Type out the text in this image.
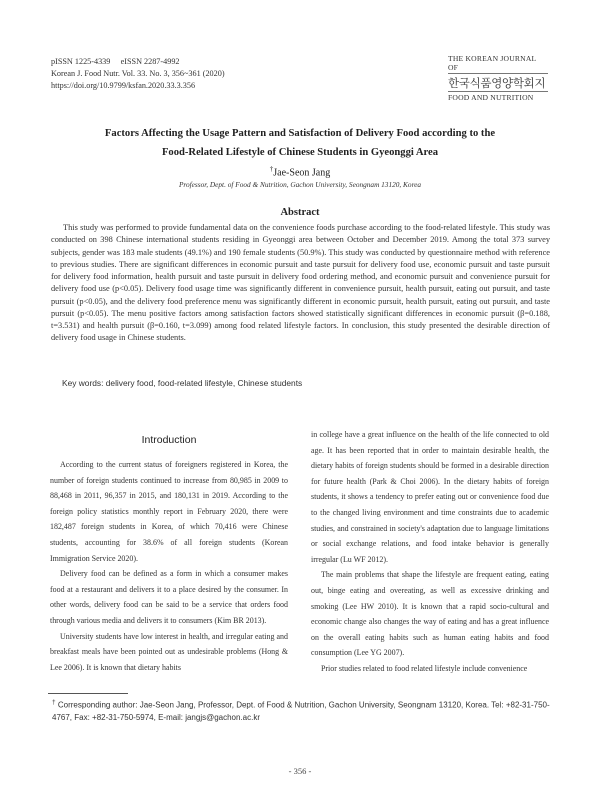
pISSN 1225-4339     eISSN 2287-4992
Korean J. Food Nutr. Vol. 33. No. 3, 356~361 (2020)
https://doi.org/10.9799/ksfan.2020.33.3.356
THE KOREAN JOURNAL OF
한국식품영양학회지
FOOD AND NUTRITION
Factors Affecting the Usage Pattern and Satisfaction of Delivery Food according to the
Food-Related Lifestyle of Chinese Students in Gyeonggi Area
†Jae-Seon Jang
Professor, Dept. of Food & Nutrition, Gachon University, Seongnam 13120, Korea
Abstract
This study was performed to provide fundamental data on the convenience foods purchase according to the food-related lifestyle. This study was conducted on 398 Chinese international students residing in Gyeonggi area between October and December 2019. Among the total 373 survey subjects, gender was 183 male students (49.1%) and 190 female students (50.9%). This study was conducted by questionnaire method with reference to previous studies. There are significant differences in economic pursuit and taste pursuit for delivery food use, economic pursuit and taste pursuit for delivery food information, health pursuit and taste pursuit in delivery food ordering method, and economic pursuit and convenience pursuit for delivery food use (p<0.05). Delivery food usage time was significantly different in convenience pursuit, health pursuit, eating out pursuit, and taste pursuit (p<0.05), and the delivery food preference menu was significantly different in economic pursuit, health pursuit, eating out pursuit, and taste pursuit (p<0.05). The menu positive factors among satisfaction factors showed statistically significant differences in economic pursuit (β=0.188, t=3.531) and health pursuit (β=0.160, t=3.099) among food related lifestyle factors. In conclusion, this study presented the desirable direction of delivery food usage in Chinese students.
Key words: delivery food, food-related lifestyle, Chinese students
Introduction

According to the current status of foreigners registered in Korea, the number of foreign students continued to increase from 80,985 in 2009 to 88,468 in 2011, 96,357 in 2015, and 180,131 in 2019. According to the foreign policy statistics monthly report in February 2020, there were 182,487 foreign students in Korea, of which 70,416 were Chinese students, accounting for 38.6% of all foreign students (Korean Immigration Service 2020).

Delivery food can be defined as a form in which a consumer makes food at a restaurant and delivers it to a place desired by the consumer. In other words, delivery food can be said to be a service that orders food through various media and delivers it to consumers (Kim BR 2013).

University students have low interest in health, and irregular eating and breakfast meals have been pointed out as undesirable problems (Hong & Lee 2006). It is known that dietary habits

in college have a great influence on the health of the life connected to old age. It has been reported that in order to maintain desirable health, the dietary habits of foreign students should be formed in a desirable direction for future health (Park & Choi 2006). In the dietary habits of foreign students, it shows a tendency to prefer eating out or convenience food due to the changed living environment and time constraints due to academic studies, and constrained in society's adaptation due to language limitations or social exchange relations, and food intake behavior is generally irregular (Lu WF 2012).

The main problems that shape the lifestyle are frequent eating, eating out, binge eating and overeating, as well as excessive drinking and smoking (Lee HW 2010). It is known that a rapid socio-cultural and economic change also changes the way of eating and has a great influence on the overall eating habits such as human eating habits and food consumption (Lee YG 2007).

Prior studies related to food related lifestyle include convenience

† Corresponding author: Jae-Seon Jang, Professor, Dept. of Food & Nutrition, Gachon University, Seongnam 13120, Korea. Tel: +82-31-750-4767, Fax: +82-31-750-5974, E-mail: jangjs@gachon.ac.kr
- 356 -
